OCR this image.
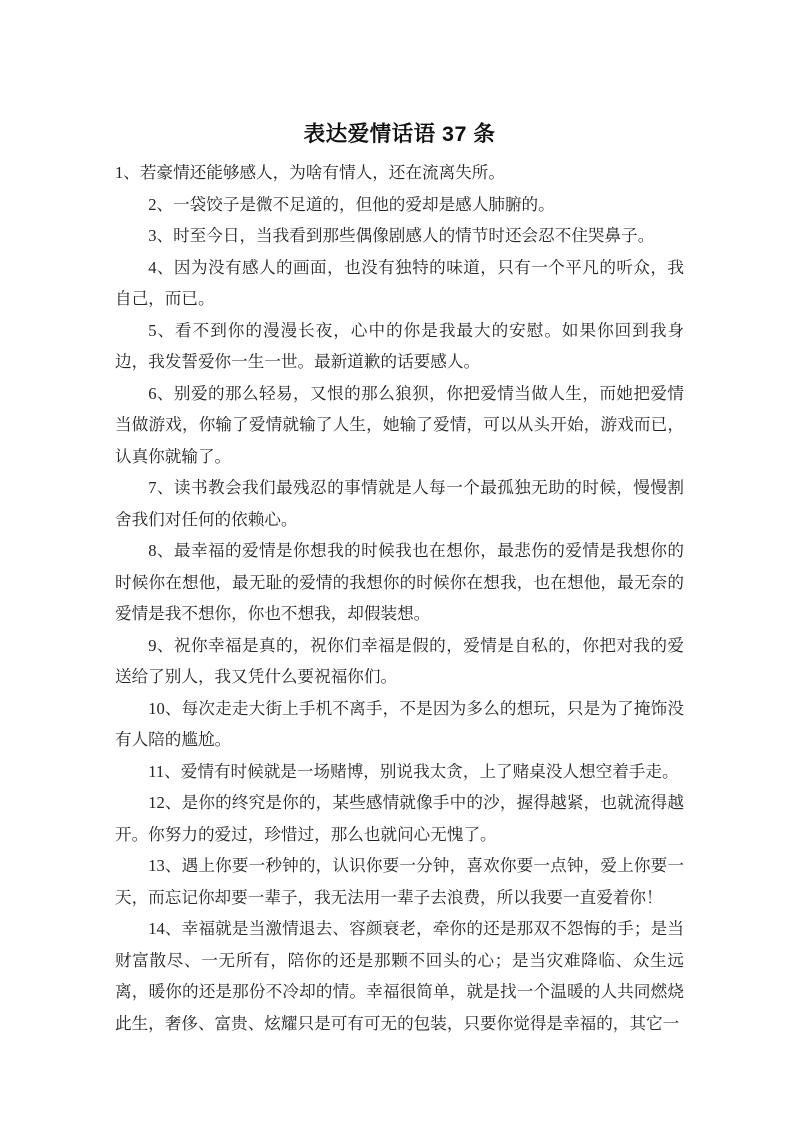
表达爱情话语 37 条

1、若豪情还能够感人，为啥有情人，还在流离失所。

2、一袋饺子是微不足道的，但他的爱却是感人肺腑的。

3、时至今日，当我看到那些偶像剧感人的情节时还会忍不住哭鼻子。

4、因为没有感人的画面，也没有独特的味道，只有一个平凡的听众，我自己，而已。

5、看不到你的漫漫长夜，心中的你是我最大的安慰。如果你回到我身边，我发誓爱你一生一世。最新道歉的话要感人。

6、别爱的那么轻易，又恨的那么狼狈，你把爱情当做人生，而她把爱情当做游戏，你输了爱情就输了人生，她输了爱情，可以从头开始，游戏而已，认真你就输了。

7、读书教会我们最残忍的事情就是人每一个最孤独无助的时候，慢慢割舍我们对任何的依赖心。

8、最幸福的爱情是你想我的时候我也在想你，最悲伤的爱情是我想你的时候你在想他，最无耻的爱情的我想你的时候你在想我，也在想他，最无奈的爱情是我不想你，你也不想我，却假装想。

9、祝你幸福是真的，祝你们幸福是假的，爱情是自私的，你把对我的爱送给了别人，我又凭什么要祝福你们。

10、每次走走大街上手机不离手，不是因为多么的想玩，只是为了掩饰没有人陪的尴尬。

11、爱情有时候就是一场赌博，别说我太贪，上了赌桌没人想空着手走。

12、是你的终究是你的，某些感情就像手中的沙，握得越紧，也就流得越开。你努力的爱过，珍惜过，那么也就问心无愧了。

13、遇上你要一秒钟的，认识你要一分钟，喜欢你要一点钟，爱上你要一天，而忘记你却要一辈子，我无法用一辈子去浪费，所以我要一直爱着你！

14、幸福就是当激情退去、容颜衰老，牵你的还是那双不怨悔的手；是当财富散尽、一无所有，陪你的还是那颗不回头的心；是当灾难降临、众生远离，暖你的还是那份不冷却的情。幸福很简单，就是找一个温暖的人共同燃烧此生，奢侈、富贵、炫耀只是可有可无的包装，只要你觉得是幸福的，其它一
